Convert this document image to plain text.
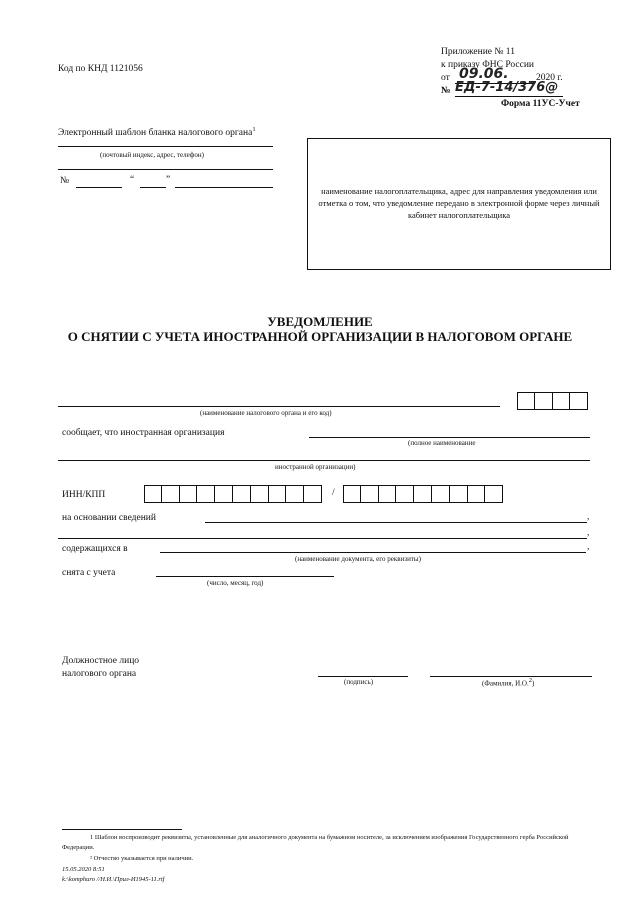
Код по КНД 1121056
Приложение № 11
к приказу ФНС России
от 09.06.	2020 г.
№ ЕД-7-14/376@
Форма 11УС-Учет
Электронный шаблон бланка налогового органа$^1$
(почтовый индекс, адрес, телефон)
№	“	”
наименование налогоплательщика, адрес для направления уведомления или отметка о том, что уведомление передано в электронной форме через личный кабинет налогоплательщика
УВЕДОМЛЕНИЕ
О СНЯТИИ С УЧЕТА ИНОСТРАННОЙ ОРГАНИЗАЦИИ В НАЛОГОВОМ ОРГАНЕ
(наименование налогового органа и его код)
сообщает, что иностранная организация
(полное наименование
иностранной организации)
ИНН/КПП	/
на основании сведений	,
,
содержащихся в	,
(наименование документа, его реквизиты)
снята с учета
(число, месяц, год)
Должностное лицо
налогового органа
(подпись)	(Фамилия, И.О.$^2$)
1 Шаблон воспроизводит реквизиты, установленные для аналогичного документа на бумажном носителе, за исключением изображения Государственного герба Российской Федерации.
² Отчество указывается при наличии.
15.05.2020 8:51
k:\komphuro //Н.И.\Прил-И1945-11.rtf
